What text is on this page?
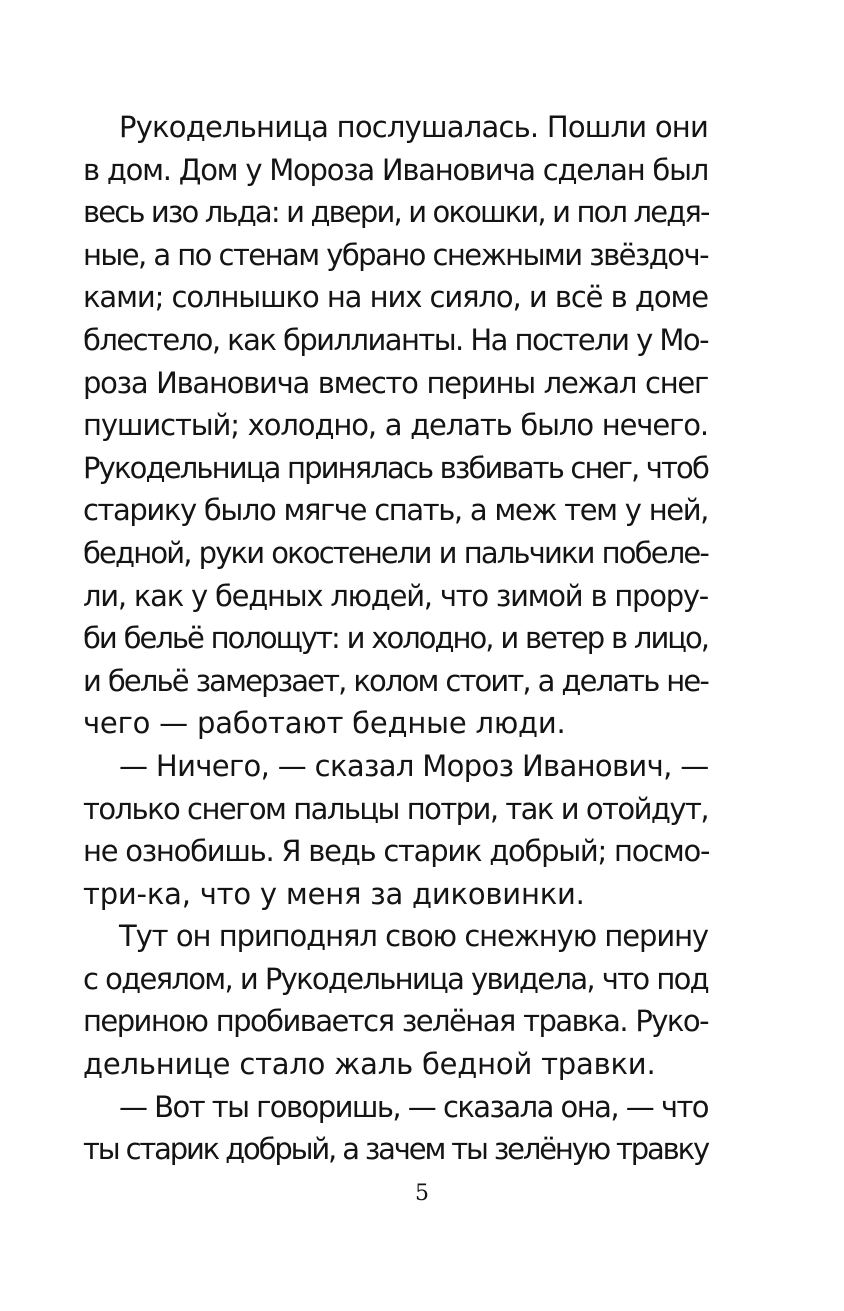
Рукодельница послушалась. Пошли они
в дом. Дом у Мороза Ивановича сделан был
весь изо льда: и двери, и окошки, и пол ледя-
ные, а по стенам убрано снежными звёздоч-
ками; солнышко на них сияло, и всё в доме
блестело, как бриллианты. На постели у Мо-
роза Ивановича вместо перины лежал снег
пушистый; холодно, а делать было нечего.
Рукодельница принялась взбивать снег, чтоб
старику было мягче спать, а меж тем у ней,
бедной, руки окостенели и пальчики побеле-
ли, как у бедных людей, что зимой в прору-
би бельё полощут: и холодно, и ветер в лицо,
и бельё замерзает, колом стоит, а делать не-
чего — работают бедные люди.
— Ничего, — сказал Мороз Иванович, —
только снегом пальцы потри, так и отойдут,
не ознобишь. Я ведь старик добрый; посмо-
три-ка, что у меня за диковинки.
Тут он приподнял свою снежную перину
с одеялом, и Рукодельница увидела, что под
периною пробивается зелёная травка. Руко-
дельнице стало жаль бедной травки.
— Вот ты говоришь, — сказала она, — что
ты старик добрый, а зачем ты зелёную травку
5
